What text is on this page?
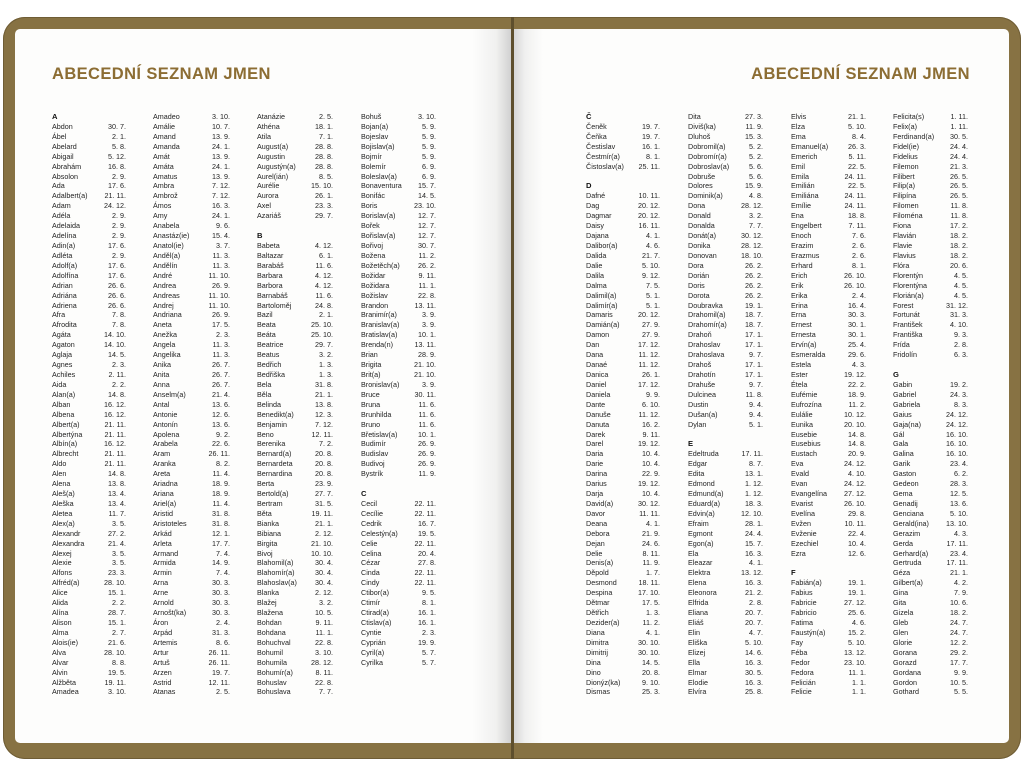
ABECEDNÍ SEZNAM JMEN
A
Abdon	30. 7.
Ábel	2. 1.
Abelard	5. 8.
Abigail	5. 12.
Abrahám	16. 8.
Absolon	2. 9.
Ada	17. 6.
Adalbert(a)	21. 11.
Adam	24. 12.
Adéla	2. 9.
Adelaida	2. 9.
Adelína	2. 9.
Adin(a)	17. 6.
Adléta	2. 9.
Adolf(a)	17. 6.
Adolfína	17. 6.
Adrian	26. 6.
Adriána	26. 6.
Adriena	26. 6.
Afra	7. 8.
Afrodita	7. 8.
Agáta	14. 10.
Agaton	14. 10.
Aglaja	14. 5.
Agnes	2. 3.
Achiles	2. 11.
Aida	2. 2.
Alan(a)	14. 8.
Alban	16. 12.
Albena	16. 12.
Albert(a)	21. 11.
Albertýna	21. 11.
Albín(a)	16. 12.
Albrecht	21. 11.
Aldo	21. 11.
Alen	14. 8.
Alena	13. 8.
Aleš(a)	13. 4.
Aleška	13. 4.
Aletea	11. 7.
Alex(a)	3. 5.
Alexandr	27. 2.
Alexandra	21. 4.
Alexej	3. 5.
Alexie	3. 5.
Alfons	23. 3.
Alfréd(a)	28. 10.
Alice	15. 1.
Alida	2. 2.
Alína	28. 7.
Alison	15. 1.
Alma	2. 7.
Alois(ie)	21. 6.
Alva	28. 10.
Alvar	8. 8.
Alvin	19. 5.
Alžběta	19. 11.
Amadea	3. 10.
Amadeo	3. 10.
Amálie	10. 7.
Amand	13. 9.
Amanda	24. 1.
Amát	13. 9.
Amáta	24. 1.
Amatus	13. 9.
Ambra	7. 12.
Ambrož	7. 12.
Ámos	16. 3.
Amy	24. 1.
Anabela	9. 6.
Anastáz(ie)	15. 4.
Anatol(ie)	3. 7.
Anděl(a)	11. 3.
Andělín	11. 3.
André	11. 10.
Andrea	26. 9.
Andreas	11. 10.
Andrej	11. 10.
Andriana	26. 9.
Aneta	17. 5.
Anežka	2. 3.
Angela	11. 3.
Angelika	11. 3.
Anika	26. 7.
Anita	26. 7.
Anna	26. 7.
Anselm(a)	21. 4.
Antal	13. 6.
Antonie	12. 6.
Antonín	13. 6.
Apolena	9. 2.
Arabela	22. 6.
Aram	26. 11.
Aranka	8. 2.
Areta	11. 4.
Ariadna	18. 9.
Ariana	18. 9.
Ariel(a)	11. 4.
Aristid	31. 8.
Aristoteles	31. 8.
Arkád	12. 1.
Arleta	17. 7.
Armand	7. 4.
Armida	14. 9.
Armin	7. 4.
Arna	30. 3.
Arne	30. 3.
Arnold	30. 3.
Arnošt(ka)	30. 3.
Áron	2. 4.
Arpád	31. 3.
Artemis	8. 6.
Artur	26. 11.
Artuš	26. 11.
Arzen	19. 7.
Astrid	12. 11.
Atanas	2. 5.
Atanázie	2. 5.
Athéna	18. 1.
Atila	7. 1.
August(a)	28. 8.
Augustin	28. 8.
Augustýn(a)	28. 8.
Aurel(ián)	8. 5.
Aurélie	15. 10.
Aurora	26. 1.
Axel	23. 3.
Azariáš	29. 7.
B
Babeta	4. 12.
Baltazar	6. 1.
Barabáš	11. 6.
Barbara	4. 12.
Barbora	4. 12.
Barnabáš	11. 6.
Bartoloměj	24. 8.
Bazil	2. 1.
Beata	25. 10.
Beáta	25. 10.
Beatrice	29. 7.
Beatus	3. 2.
Bedřich	1. 3.
Bedřiška	1. 3.
Bela	31. 8.
Běla	21. 1.
Belinda	13. 8.
Benedikt(a)	12. 3.
Benjamin	7. 12.
Beno	12. 11.
Berenika	7. 2.
Bernard(a)	20. 8.
Bernardeta	20. 8.
Bernardina	20. 8.
Berta	23. 9.
Bertold(a)	27. 7.
Bertram	31. 5.
Běta	19. 11.
Bianka	21. 1.
Bibiana	2. 12.
Birgita	21. 10.
Bivoj	10. 10.
Blahomil(a)	30. 4.
Blahomír(a)	30. 4.
Blahoslav(a)	30. 4.
Blanka	2. 12.
Blažej	3. 2.
Blažena	10. 5.
Bohdan	9. 11.
Bohdana	11. 1.
Bohuchval	22. 8.
Bohumil	3. 10.
Bohumila	28. 12.
Bohumír(a)	8. 11.
Bohuslav	22. 8.
Bohuslava	7. 7.
Bohuš	3. 10.
Bojan(a)	5. 9.
Bojeslav	5. 9.
Bojislav(a)	5. 9.
Bojmír	5. 9.
Bolemír	6. 9.
Boleslav(a)	6. 9.
Bonaventura	15. 7.
Bonifác	14. 5.
Boris	23. 10.
Borislav(a)	12. 7.
Bořek	12. 7.
Bořislav(a)	12. 7.
Bořivoj	30. 7.
Božena	11. 2.
Božetěch(a)	26. 2.
Božidar	9. 11.
Božidara	11. 1.
Božislav	22. 8.
Brandon	13. 11.
Branimír(a)	3. 9.
Branislav(a)	3. 9.
Bratislav(a)	10. 1.
Brenda(n)	13. 11.
Brian	28. 9.
Brigita	21. 10.
Brit(a)	21. 10.
Bronislav(a)	3. 9.
Bruce	30. 11.
Bruna	11. 6.
Brunhilda	11. 6.
Bruno	11. 6.
Břetislav(a)	10. 1.
Budimír	26. 9.
Budislav	26. 9.
Budivoj	26. 9.
Bystrík	11. 9.
C
Cecil	22. 11.
Cecílie	22. 11.
Cedrik	16. 7.
Celestýn(a)	19. 5.
Celie	22. 11.
Celina	20. 4.
Cézar	27. 8.
Cinda	22. 11.
Cindy	22. 11.
Ctibor(a)	9. 5.
Ctimír	8. 1.
Ctirad(a)	16. 1.
Ctislav(a)	16. 1.
Cyntie	2. 3.
Cyprián	19. 9.
Cyril(a)	5. 7.
Cyrilka	5. 7.
ABECEDNÍ SEZNAM JMEN
Č
Čeněk	19. 7.
Čeňka	19. 7.
Čestislav	16. 1.
Čestmír(a)	8. 1.
Čistoslav(a)	25. 11.
D
Dafné	10. 11.
Dag	20. 12.
Dagmar	20. 12.
Daisy	16. 11.
Dajana	4. 1.
Dalibor(a)	4. 6.
Dalida	21. 7.
Dalie	5. 10.
Dalila	9. 12.
Dalma	7. 5.
Dalimil(a)	5. 1.
Dalimír(a)	5. 1.
Damaris	20. 12.
Damián(a)	27. 9.
Damon	27. 9.
Dan	17. 12.
Dana	11. 12.
Danaé	11. 12.
Danica	26. 1.
Daniel	17. 12.
Daniela	9. 9.
Dante	6. 10.
Danuše	11. 12.
Danuta	16. 2.
Darek	9. 11.
Darel	19. 12.
Daria	10. 4.
Darie	10. 4.
Darina	22. 9.
Darius	19. 12.
Darja	10. 4.
David(a)	30. 12.
Davor	11. 11.
Deana	4. 1.
Debora	21. 9.
Dejan	24. 6.
Delie	8. 11.
Denis(a)	11. 9.
Děpold	1. 7.
Desmond	18. 11.
Despina	17. 10.
Dětmar	17. 5.
Dětřich	1. 3.
Dezider(a)	11. 2.
Diana	4. 1.
Dimitra	30. 10.
Dimitrij	30. 10.
Dina	14. 5.
Dino	20. 8.
Dionýz(ka)	9. 10.
Dismas	25. 3.
Dita	27. 3.
Diviš(ka)	11. 9.
Dluhoš	15. 3.
Dobromil(a)	5. 2.
Dobromír(a)	5. 2.
Dobroslav(a)	5. 6.
Dobruše	5. 6.
Dolores	15. 9.
Dominik(a)	4. 8.
Dona	28. 12.
Donald	3. 2.
Donalda	7. 7.
Donát(a)	30. 12.
Donika	28. 12.
Donovan	18. 10.
Dora	26. 2.
Dorián	26. 2.
Doris	26. 2.
Dorota	26. 2.
Doubravka	19. 1.
Drahomil(a)	18. 7.
Drahomír(a)	18. 7.
Drahoň	17. 1.
Drahoslav	17. 1.
Drahoslava	9. 7.
Drahoš	17. 1.
Drahotín	17. 1.
Drahuše	9. 7.
Dulcinea	11. 8.
Dustin	9. 4.
Dušan(a)	9. 4.
Dylan	5. 1.
E
Edeltruda	17. 11.
Edgar	8. 7.
Edita	13. 1.
Edmond	1. 12.
Edmund(a)	1. 12.
Eduard(a)	18. 3.
Edvin(a)	12. 10.
Efraim	28. 1.
Egmont	24. 4.
Egon(a)	15. 7.
Ela	16. 3.
Eleazar	4. 1.
Elektra	13. 12.
Elena	16. 3.
Eleonora	21. 2.
Elfrida	2. 8.
Eliana	20. 7.
Eliáš	20. 7.
Elin	4. 7.
Eliška	5. 10.
Elizej	14. 6.
Ella	16. 3.
Elmar	30. 5.
Elodie	16. 3.
Elvíra	25. 8.
Elvis	21. 1.
Elza	5. 10.
Ema	8. 4.
Emanuel(a)	26. 3.
Emerich	5. 11.
Emil	22. 5.
Emila	24. 11.
Emilián	22. 5.
Emiliána	24. 11.
Emílie	24. 11.
Ena	18. 8.
Engelbert	7. 11.
Enoch	7. 6.
Erazim	2. 6.
Erazmus	2. 6.
Erhard	8. 1.
Erich	26. 10.
Erik	26. 10.
Erika	2. 4.
Erina	16. 4.
Erna	30. 3.
Ernest	30. 1.
Ernesta	30. 1.
Ervín(a)	25. 4.
Esmeralda	29. 6.
Estela	4. 3.
Ester	19. 12.
Étela	22. 2.
Eufémie	18. 9.
Eufrozína	11. 2.
Eulálie	10. 12.
Eunika	20. 10.
Eusebie	14. 8.
Eusebius	14. 8.
Eustach	20. 9.
Eva	24. 12.
Evald	4. 10.
Evan	24. 12.
Evangelína	27. 12.
Evarist	26. 10.
Evelína	29. 8.
Evžen	10. 11.
Evženie	22. 4.
Ezechiel	10. 4.
Ezra	12. 6.
F
Fabián(a)	19. 1.
Fabius	19. 1.
Fabricie	27. 12.
Fabricio	25. 6.
Fatima	4. 6.
Faustýn(a)	15. 2.
Fay	5. 10.
Féba	13. 12.
Fedor	23. 10.
Fedora	11. 1.
Felicián	1. 1.
Felicie	1. 1.
Felicita(s)	1. 11.
Felix(a)	1. 11.
Ferdinand(a)	30. 5.
Fidel(ie)	24. 4.
Fidelius	24. 4.
Filemon	21. 3.
Filibert	26. 5.
Filip(a)	26. 5.
Filipína	26. 5.
Filomen	11. 8.
Filoména	11. 8.
Fiona	17. 2.
Flavián	18. 2.
Flavie	18. 2.
Flavius	18. 2.
Flóra	20. 6.
Florentýn	4. 5.
Florentýna	4. 5.
Florián(a)	4. 5.
Forest	31. 12.
Fortunát	31. 3.
František	4. 10.
Františka	9. 3.
Frída	2. 8.
Fridolín	6. 3.
G
Gabin	19. 2.
Gabriel	24. 3.
Gabriela	8. 3.
Gaius	24. 12.
Gaja(na)	24. 12.
Gál	16. 10.
Gala	16. 10.
Galina	16. 10.
Garik	23. 4.
Gaston	6. 2.
Gedeon	28. 3.
Gema	12. 5.
Genadij	13. 6.
Genciana	5. 10.
Gerald(ina)	13. 10.
Gerazim	4. 3.
Gerda	17. 11.
Gerhard(a)	23. 4.
Gertruda	17. 11.
Géza	21. 1.
Gilbert(a)	4. 2.
Gina	7. 9.
Gita	10. 6.
Gizela	18. 2.
Gleb	24. 7.
Glen	24. 7.
Glorie	12. 2.
Gorana	29. 2.
Gorazd	17. 7.
Gordana	9. 9.
Gordon	10. 5.
Gothard	5. 5.
